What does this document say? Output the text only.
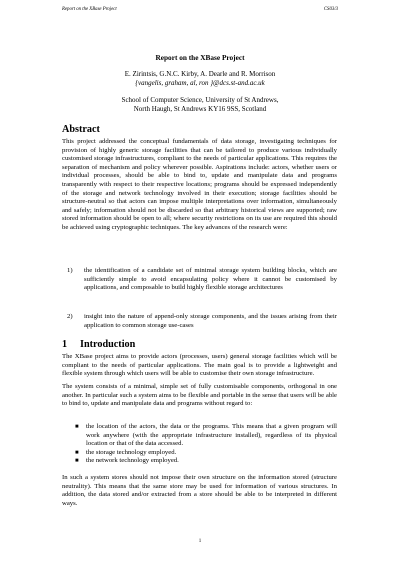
Report on the XBase Project	CS03/3
Report on the XBase Project
E. Zirintsis, G.N.C. Kirby, A. Dearle and R. Morrison
{vangelis, graham, al, ron }@dcs.st-and.ac.uk
School of Computer Science, University of St Andrews,
North Haugh, St Andrews KY16 9SS, Scotland
Abstract
This project addressed the conceptual fundamentals of data storage, investigating techniques for provision of highly generic storage facilities that can be tailored to produce various individually customised storage infrastructures, compliant to the needs of particular applications. This requires the separation of mechanism and policy wherever possible. Aspirations include: actors, whether users or individual processes, should be able to bind to, update and manipulate data and programs transparently with respect to their respective locations; programs should be expressed independently of the storage and network technology involved in their execution; storage facilities should be structure-neutral so that actors can impose multiple interpretations over information, simultaneously and safely; information should not be discarded so that arbitrary historical views are supported; raw stored information should be open to all; where security restrictions on its use are required this should be achieved using cryptographic techniques. The key advances of the research were:
1) the identification of a candidate set of minimal storage system building blocks, which are sufficiently simple to avoid encapsulating policy where it cannot be customised by applications, and composable to build highly flexible storage architectures
2) insight into the nature of append-only storage components, and the issues arising from their application to common storage use-cases
1 Introduction
The XBase project aims to provide actors (processes, users) general storage facilities which will be compliant to the needs of particular applications. The main goal is to provide a lightweight and flexible system through which users will be able to customise their own storage infrastructure.
The system consists of a minimal, simple set of fully customisable components, orthogonal in one another. In particular such a system aims to be flexible and portable in the sense that users will be able to bind to, update and manipulate data and programs without regard to:
■ the location of the actors, the data or the programs. This means that a given program will work anywhere (with the appropriate infrastructure installed), regardless of its physical location or that of the data accessed.
■ the storage technology employed.
■ the network technology employed.
In such a system stores should not impose their own structure on the information stored (structure neutrality). This means that the same store may be used for information of various structures. In addition, the data stored and/or extracted from a store should be able to be interpreted in different ways.
1
